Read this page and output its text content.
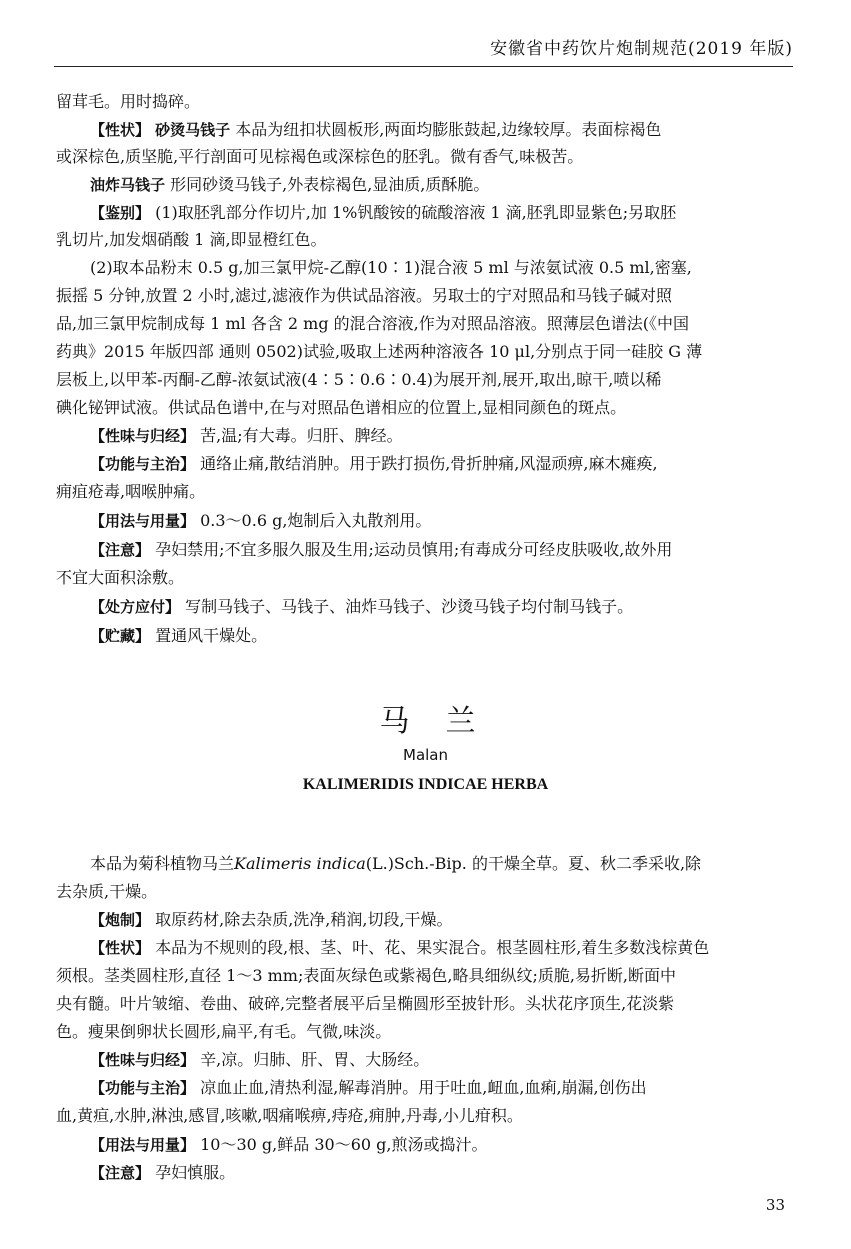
安徽省中药饮片炮制规范(2019 年版)
留茸毛。用时捣碎。
【性状】 砂烫马钱子 本品为纽扣状圆板形,两面均膨胀鼓起,边缘较厚。表面棕褐色
或深棕色,质坚脆,平行剖面可见棕褐色或深棕色的胚乳。微有香气,味极苦。
油炸马钱子 形同砂烫马钱子,外表棕褐色,显油质,质酥脆。
【鉴别】 (1)取胚乳部分作切片,加 1%钒酸铵的硫酸溶液 1 滴,胚乳即显紫色;另取胚
乳切片,加发烟硝酸 1 滴,即显橙红色。
(2)取本品粉末 0.5 g,加三氯甲烷-乙醇(10∶1)混合液 5 ml 与浓氨试液 0.5 ml,密塞,
振摇 5 分钟,放置 2 小时,滤过,滤液作为供试品溶液。另取士的宁对照品和马钱子碱对照
品,加三氯甲烷制成每 1 ml 各含 2 mg 的混合溶液,作为对照品溶液。照薄层色谱法(《中国
药典》2015 年版四部 通则 0502)试验,吸取上述两种溶液各 10 μl,分别点于同一硅胶 G 薄
层板上,以甲苯-丙酮-乙醇-浓氨试液(4∶5∶0.6∶0.4)为展开剂,展开,取出,晾干,喷以稀
碘化铋钾试液。供试品色谱中,在与对照品色谱相应的位置上,显相同颜色的斑点。
【性味与归经】 苦,温;有大毒。归肝、脾经。
【功能与主治】 通络止痛,散结消肿。用于跌打损伤,骨折肿痛,风湿顽痹,麻木瘫痪,
痈疽疮毒,咽喉肿痛。
【用法与用量】 0.3～0.6 g,炮制后入丸散剂用。
【注意】 孕妇禁用;不宜多服久服及生用;运动员慎用;有毒成分可经皮肤吸收,故外用
不宜大面积涂敷。
【处方应付】 写制马钱子、马钱子、油炸马钱子、沙烫马钱子均付制马钱子。
【贮藏】 置通风干燥处。
马兰
Malan
KALIMERIDIS INDICAE HERBA
本品为菊科植物马兰Kalimeris indica(L.)Sch.-Bip. 的干燥全草。夏、秋二季采收,除
去杂质,干燥。
【炮制】 取原药材,除去杂质,洗净,稍润,切段,干燥。
【性状】 本品为不规则的段,根、茎、叶、花、果实混合。根茎圆柱形,着生多数浅棕黄色
须根。茎类圆柱形,直径 1～3 mm;表面灰绿色或紫褐色,略具细纵纹;质脆,易折断,断面中
央有髓。叶片皱缩、卷曲、破碎,完整者展平后呈椭圆形至披针形。头状花序顶生,花淡紫
色。瘦果倒卵状长圆形,扁平,有毛。气微,味淡。
【性味与归经】 辛,凉。归肺、肝、胃、大肠经。
【功能与主治】 凉血止血,清热利湿,解毒消肿。用于吐血,衄血,血痢,崩漏,创伤出
血,黄疸,水肿,淋浊,感冒,咳嗽,咽痛喉痹,痔疮,痈肿,丹毒,小儿疳积。
【用法与用量】 10～30 g,鲜品 30～60 g,煎汤或捣汁。
【注意】 孕妇慎服。
33
